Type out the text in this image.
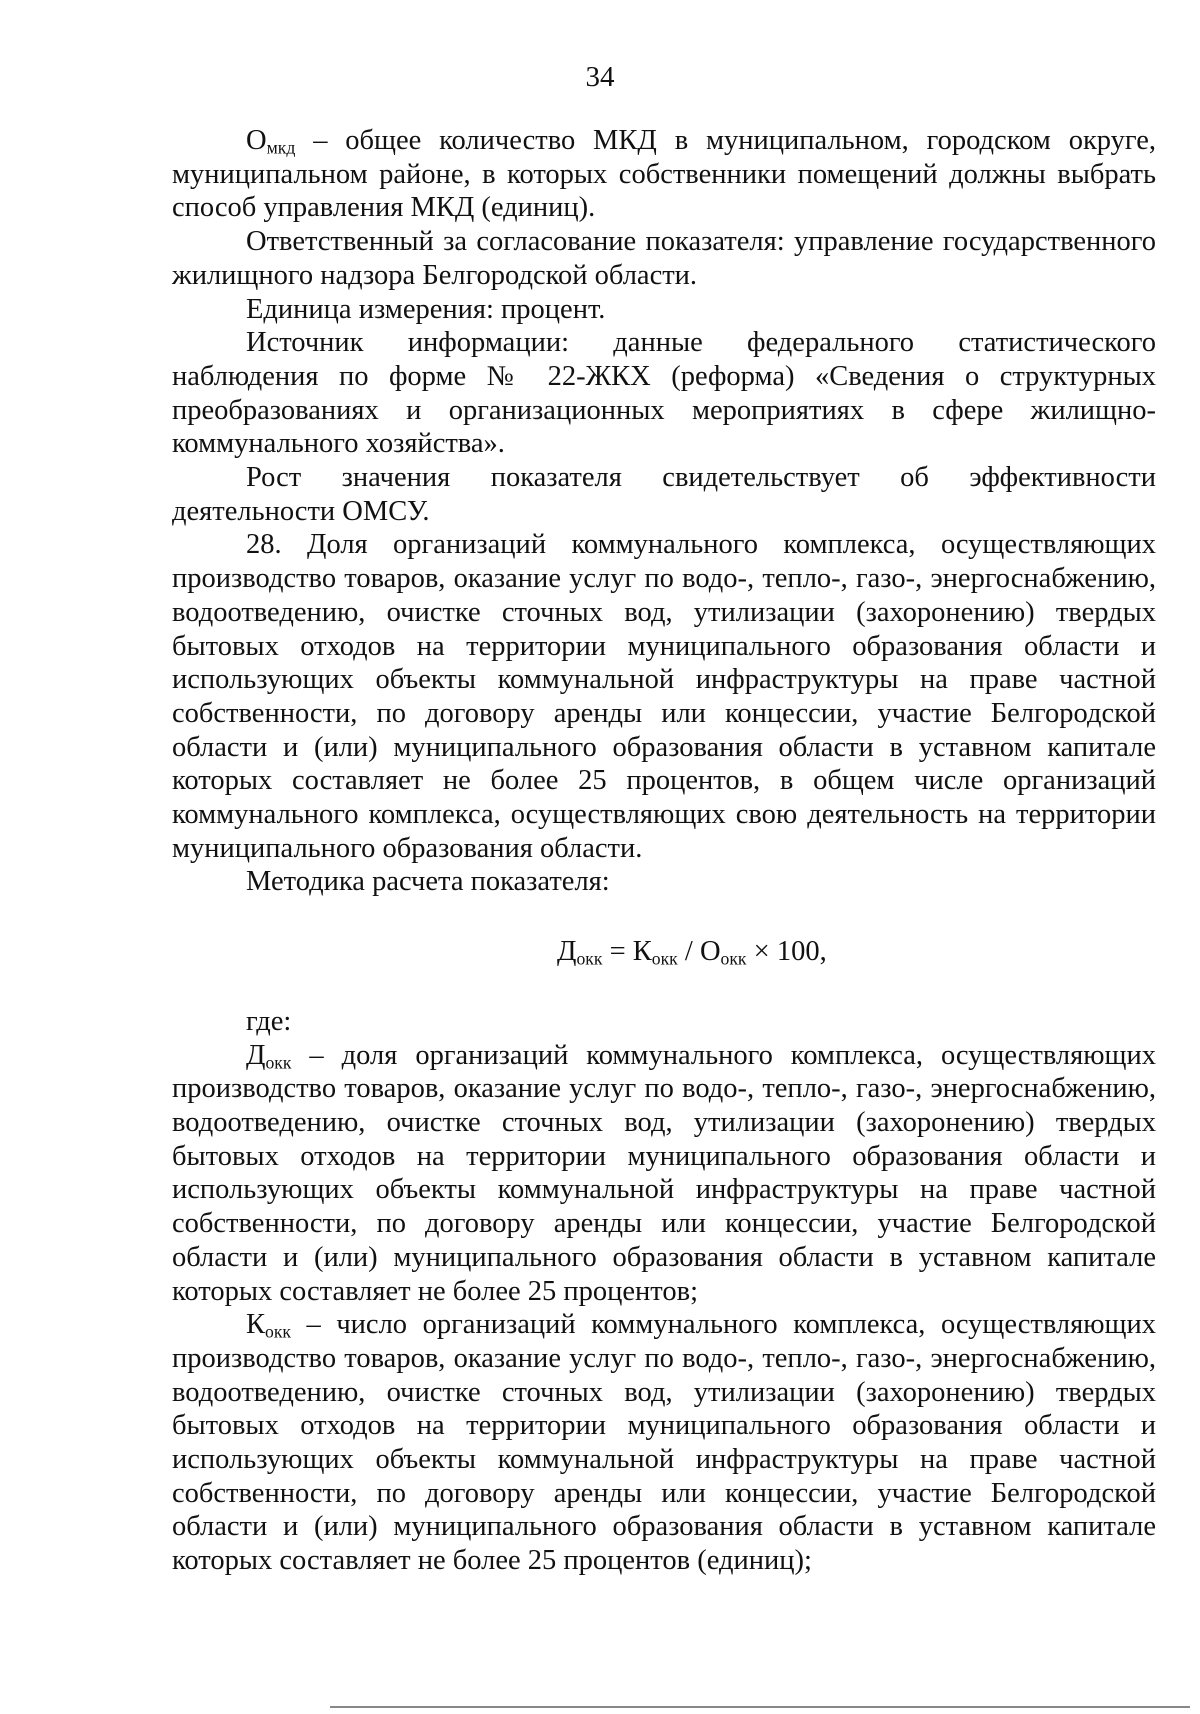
34

$О_{мкд}$ – общее количество МКД в муниципальном, городском округе, муниципальном районе, в которых собственники помещений должны выбрать способ управления МКД (единиц).

Ответственный за согласование показателя: управление государственного жилищного надзора Белгородской области.

Единица измерения: процент.

Источник информации: данные федерального статистического наблюдения по форме № 22-ЖКХ (реформа) «Сведения о структурных преобразованиях и организационных мероприятиях в сфере жилищно-коммунального хозяйства».

Рост значения показателя свидетельствует об эффективности деятельности ОМСУ.

28. Доля организаций коммунального комплекса, осуществляющих производство товаров, оказание услуг по водо-, тепло-, газо-, энергоснабжению, водоотведению, очистке сточных вод, утилизации (захоронению) твердых бытовых отходов на территории муниципального образования области и использующих объекты коммунальной инфраструктуры на праве частной собственности, по договору аренды или концессии, участие Белгородской области и (или) муниципального образования области в уставном капитале которых составляет не более 25 процентов, в общем числе организаций коммунального комплекса, осуществляющих свою деятельность на территории муниципального образования области.

Методика расчета показателя:

$Д_{окк} = К_{окк} / О_{окк} \times 100$,

где:

$Д_{окк}$ – доля организаций коммунального комплекса, осуществляющих производство товаров, оказание услуг по водо-, тепло-, газо-, энергоснабжению, водоотведению, очистке сточных вод, утилизации (захоронению) твердых бытовых отходов на территории муниципального образования области и использующих объекты коммунальной инфраструктуры на праве частной собственности, по договору аренды или концессии, участие Белгородской области и (или) муниципального образования области в уставном капитале которых составляет не более 25 процентов;

$К_{окк}$ – число организаций коммунального комплекса, осуществляющих производство товаров, оказание услуг по водо-, тепло-, газо-, энергоснабжению, водоотведению, очистке сточных вод, утилизации (захоронению) твердых бытовых отходов на территории муниципального образования области и использующих объекты коммунальной инфраструктуры на праве частной собственности, по договору аренды или концессии, участие Белгородской области и (или) муниципального образования области в уставном капитале которых составляет не более 25 процентов (единиц);
